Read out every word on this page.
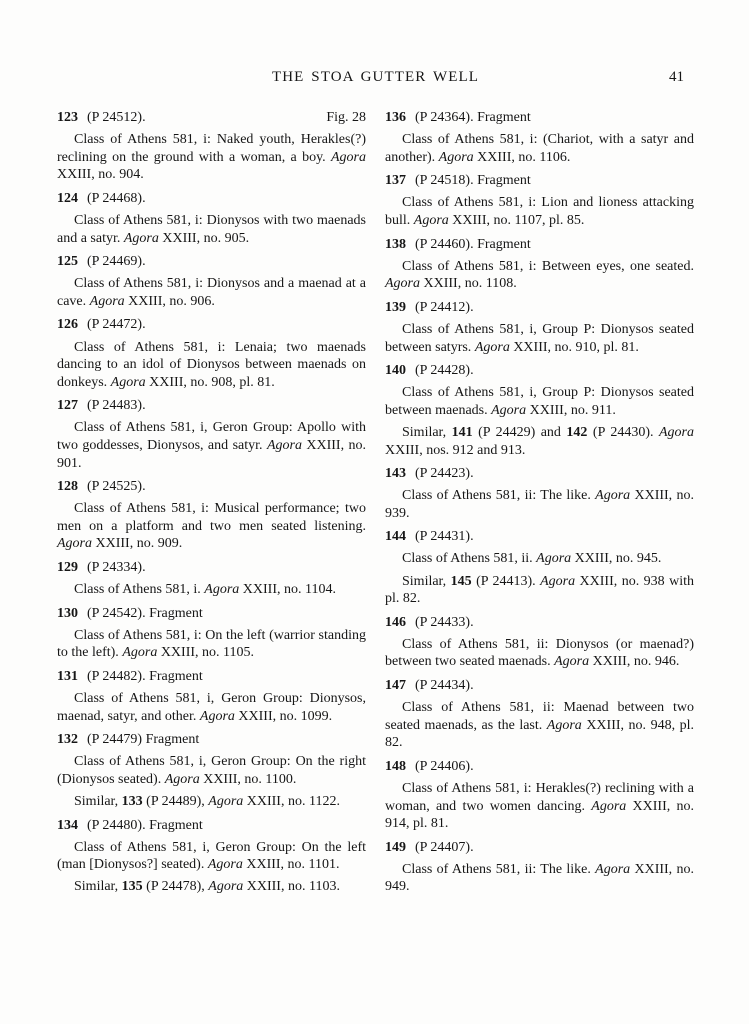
THE STOA GUTTER WELL	41
123 (P 24512).	Fig. 28
Class of Athens 581, i: Naked youth, Herakles(?) reclining on the ground with a woman, a boy. Agora XXIII, no. 904.
124 (P 24468).
Class of Athens 581, i: Dionysos with two maenads and a satyr. Agora XXIII, no. 905.
125 (P 24469).
Class of Athens 581, i: Dionysos and a maenad at a cave. Agora XXIII, no. 906.
126 (P 24472).
Class of Athens 581, i: Lenaia; two maenads dancing to an idol of Dionysos between maenads on donkeys. Agora XXIII, no. 908, pl. 81.
127 (P 24483).
Class of Athens 581, i, Geron Group: Apollo with two goddesses, Dionysos, and satyr. Agora XXIII, no. 901.
128 (P 24525).
Class of Athens 581, i: Musical performance; two men on a platform and two men seated listening. Agora XXIII, no. 909.
129 (P 24334).
Class of Athens 581, i. Agora XXIII, no. 1104.
130 (P 24542). Fragment
Class of Athens 581, i: On the left (warrior standing to the left). Agora XXIII, no. 1105.
131 (P 24482). Fragment
Class of Athens 581, i, Geron Group: Dionysos, maenad, satyr, and other. Agora XXIII, no. 1099.
132 (P 24479) Fragment
Class of Athens 581, i, Geron Group: On the right (Dionysos seated). Agora XXIII, no. 1100.
Similar, 133 (P 24489), Agora XXIII, no. 1122.
134 (P 24480). Fragment
Class of Athens 581, i, Geron Group: On the left (man [Dionysos?] seated). Agora XXIII, no. 1101.
Similar, 135 (P 24478), Agora XXIII, no. 1103.
136 (P 24364). Fragment
Class of Athens 581, i: (Chariot, with a satyr and another). Agora XXIII, no. 1106.
137 (P 24518). Fragment
Class of Athens 581, i: Lion and lioness attacking bull. Agora XXIII, no. 1107, pl. 85.
138 (P 24460). Fragment
Class of Athens 581, i: Between eyes, one seated. Agora XXIII, no. 1108.
139 (P 24412).
Class of Athens 581, i, Group P: Dionysos seated between satyrs. Agora XXIII, no. 910, pl. 81.
140 (P 24428).
Class of Athens 581, i, Group P: Dionysos seated between maenads. Agora XXIII, no. 911.
Similar, 141 (P 24429) and 142 (P 24430). Agora XXIII, nos. 912 and 913.
143 (P 24423).
Class of Athens 581, ii: The like. Agora XXIII, no. 939.
144 (P 24431).
Class of Athens 581, ii. Agora XXIII, no. 945.
Similar, 145 (P 24413). Agora XXIII, no. 938 with pl. 82.
146 (P 24433).
Class of Athens 581, ii: Dionysos (or maenad?) between two seated maenads. Agora XXIII, no. 946.
147 (P 24434).
Class of Athens 581, ii: Maenad between two seated maenads, as the last. Agora XXIII, no. 948, pl. 82.
148 (P 24406).
Class of Athens 581, i: Herakles(?) reclining with a woman, and two women dancing. Agora XXIII, no. 914, pl. 81.
149 (P 24407).
Class of Athens 581, ii: The like. Agora XXIII, no. 949.
